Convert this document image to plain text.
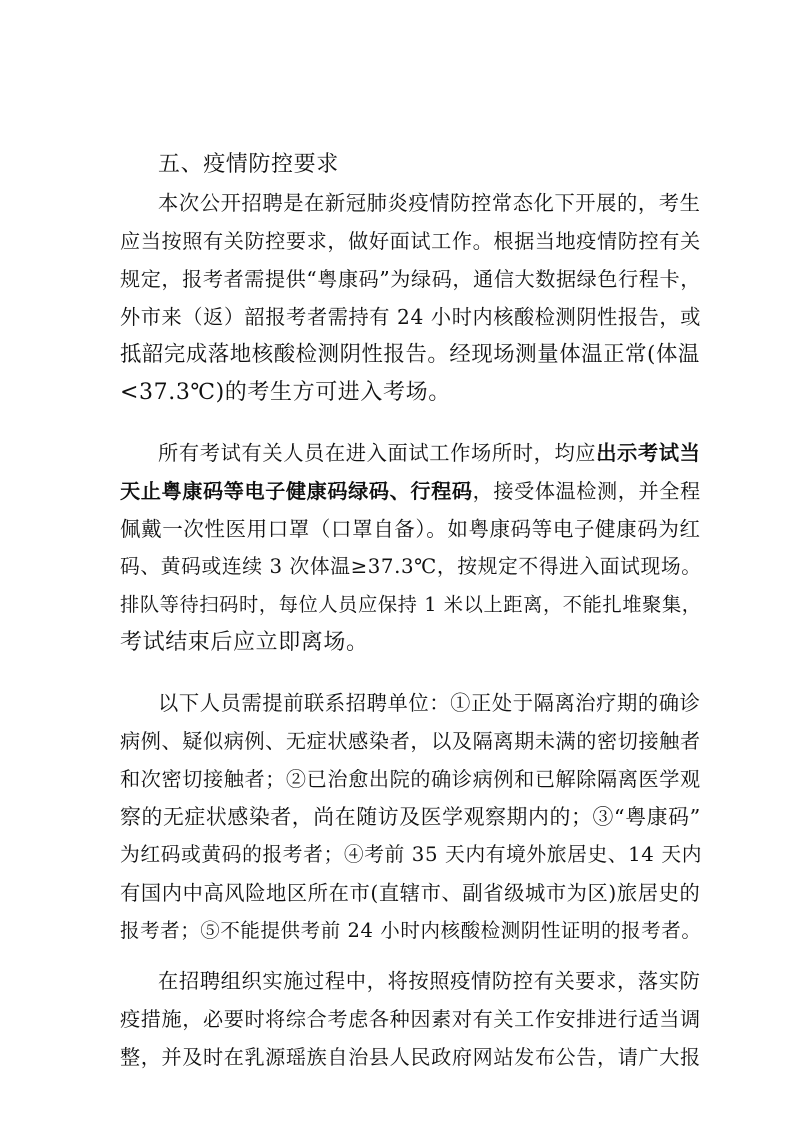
五、疫情防控要求
本次公开招聘是在新冠肺炎疫情防控常态化下开展的，考生
应当按照有关防控要求，做好面试工作。根据当地疫情防控有关
规定，报考者需提供“粤康码”为绿码，通信大数据绿色行程卡，
外市来（返）韶报考者需持有 24 小时内核酸检测阴性报告，或
抵韶完成落地核酸检测阴性报告。经现场测量体温正常(体温
<37.3℃)的考生方可进入考场。
所有考试有关人员在进入面试工作场所时，均应出示考试当
天止粤康码等电子健康码绿码、行程码，接受体温检测，并全程
佩戴一次性医用口罩（口罩自备）。如粤康码等电子健康码为红
码、黄码或连续 3 次体温≥37.3℃，按规定不得进入面试现场。
排队等待扫码时，每位人员应保持 1 米以上距离，不能扎堆聚集，
考试结束后应立即离场。
以下人员需提前联系招聘单位：①正处于隔离治疗期的确诊
病例、疑似病例、无症状感染者，以及隔离期未满的密切接触者
和次密切接触者；②已治愈出院的确诊病例和已解除隔离医学观
察的无症状感染者，尚在随访及医学观察期内的；③“粤康码”
为红码或黄码的报考者；④考前 35 天内有境外旅居史、14 天内
有国内中高风险地区所在市(直辖市、副省级城市为区)旅居史的
报考者；⑤不能提供考前 24 小时内核酸检测阴性证明的报考者。
在招聘组织实施过程中，将按照疫情防控有关要求，落实防
疫措施，必要时将综合考虑各种因素对有关工作安排进行适当调
整，并及时在乳源瑶族自治县人民政府网站发布公告，请广大报
